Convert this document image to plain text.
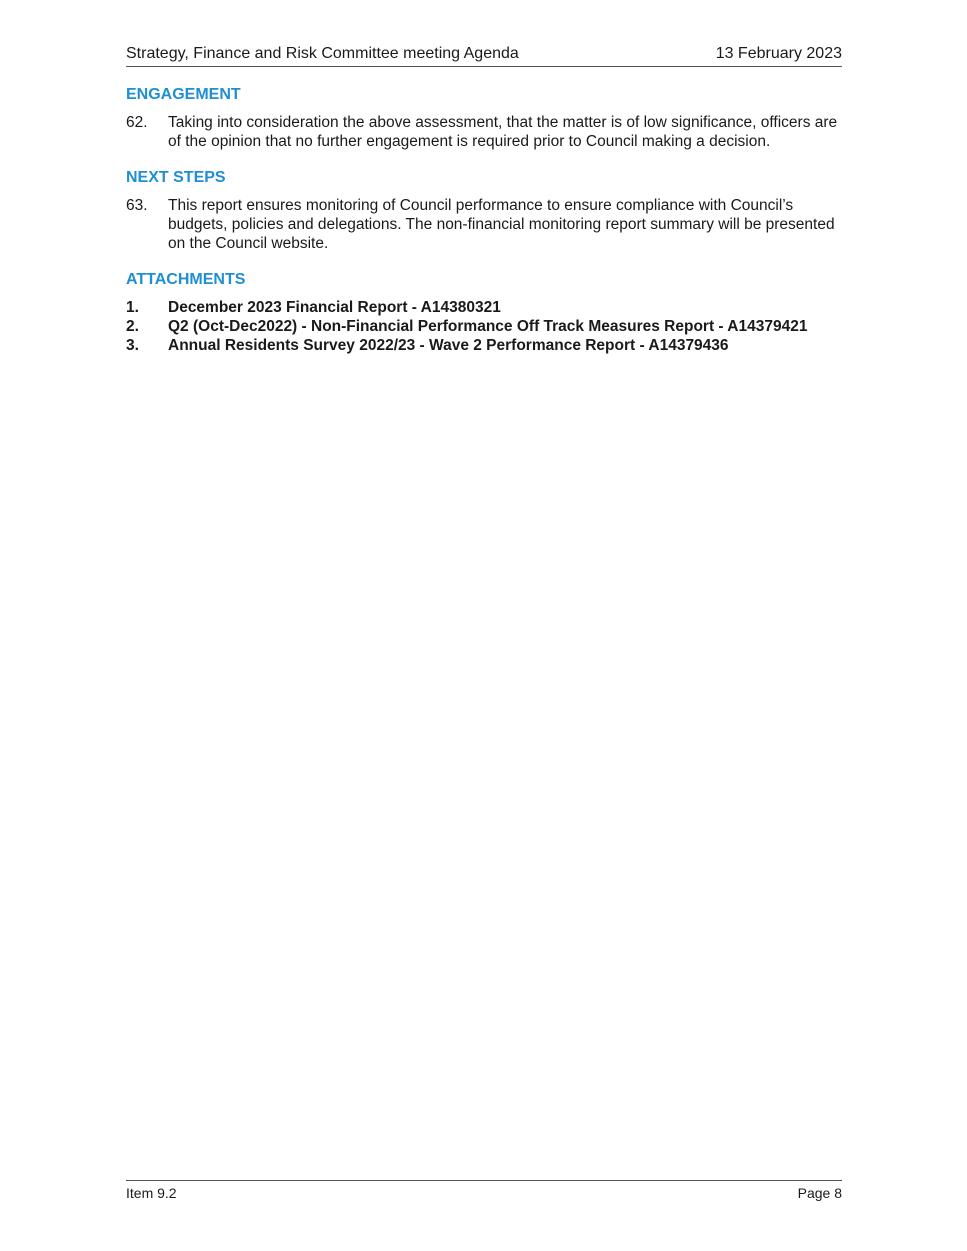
Strategy, Finance and Risk Committee meeting Agenda	13 February 2023
ENGAGEMENT

62. Taking into consideration the above assessment, that the matter is of low significance, officers are of the opinion that no further engagement is required prior to Council making a decision.

NEXT STEPS

63. This report ensures monitoring of Council performance to ensure compliance with Council’s budgets, policies and delegations. The non-financial monitoring report summary will be presented on the Council website.

ATTACHMENTS
1. December 2023 Financial Report - A14380321
2. Q2 (Oct-Dec2022) - Non-Financial Performance Off Track Measures Report - A14379421
3. Annual Residents Survey 2022/23 - Wave 2 Performance Report - A14379436
Item 9.2	Page 8
